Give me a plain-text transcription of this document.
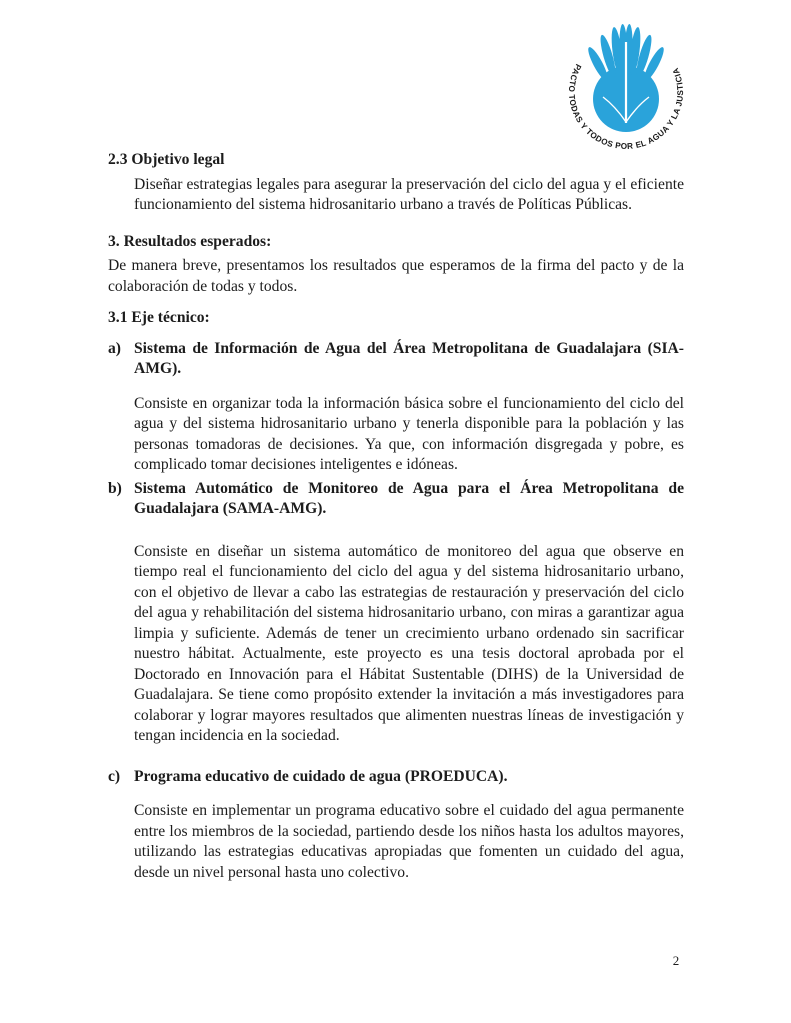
PACTO TODAS Y TODOS POR EL AGUA Y LA JUSTICIA
2.3 Objetivo legal

Diseñar estrategias legales para asegurar la preservación del ciclo del agua y el eficiente funcionamiento del sistema hidrosanitario urbano a través de Políticas Públicas.

3. Resultados esperados:

De manera breve, presentamos los resultados que esperamos de la firma del pacto y de la colaboración de todas y todos.

3.1 Eje técnico:
a) Sistema de Información de Agua del Área Metropolitana de Guadalajara (SIA-AMG).

Consiste en organizar toda la información básica sobre el funcionamiento del ciclo del agua y del sistema hidrosanitario urbano y tenerla disponible para la población y las personas tomadoras de decisiones. Ya que, con información disgregada y pobre, es complicado tomar decisiones inteligentes e idóneas.

b) Sistema Automático de Monitoreo de Agua para el Área Metropolitana de Guadalajara (SAMA-AMG).

Consiste en diseñar un sistema automático de monitoreo del agua que observe en tiempo real el funcionamiento del ciclo del agua y del sistema hidrosanitario urbano, con el objetivo de llevar a cabo las estrategias de restauración y preservación del ciclo del agua y rehabilitación del sistema hidrosanitario urbano, con miras a garantizar agua limpia y suficiente. Además de tener un crecimiento urbano ordenado sin sacrificar nuestro hábitat. Actualmente, este proyecto es una tesis doctoral aprobada por el Doctorado en Innovación para el Hábitat Sustentable (DIHS) de la Universidad de Guadalajara. Se tiene como propósito extender la invitación a más investigadores para colaborar y lograr mayores resultados que alimenten nuestras líneas de investigación y tengan incidencia en la sociedad.

c) Programa educativo de cuidado de agua (PROEDUCA).

Consiste en implementar un programa educativo sobre el cuidado del agua permanente entre los miembros de la sociedad, partiendo desde los niños hasta los adultos mayores, utilizando las estrategias educativas apropiadas que fomenten un cuidado del agua, desde un nivel personal hasta uno colectivo.

2
